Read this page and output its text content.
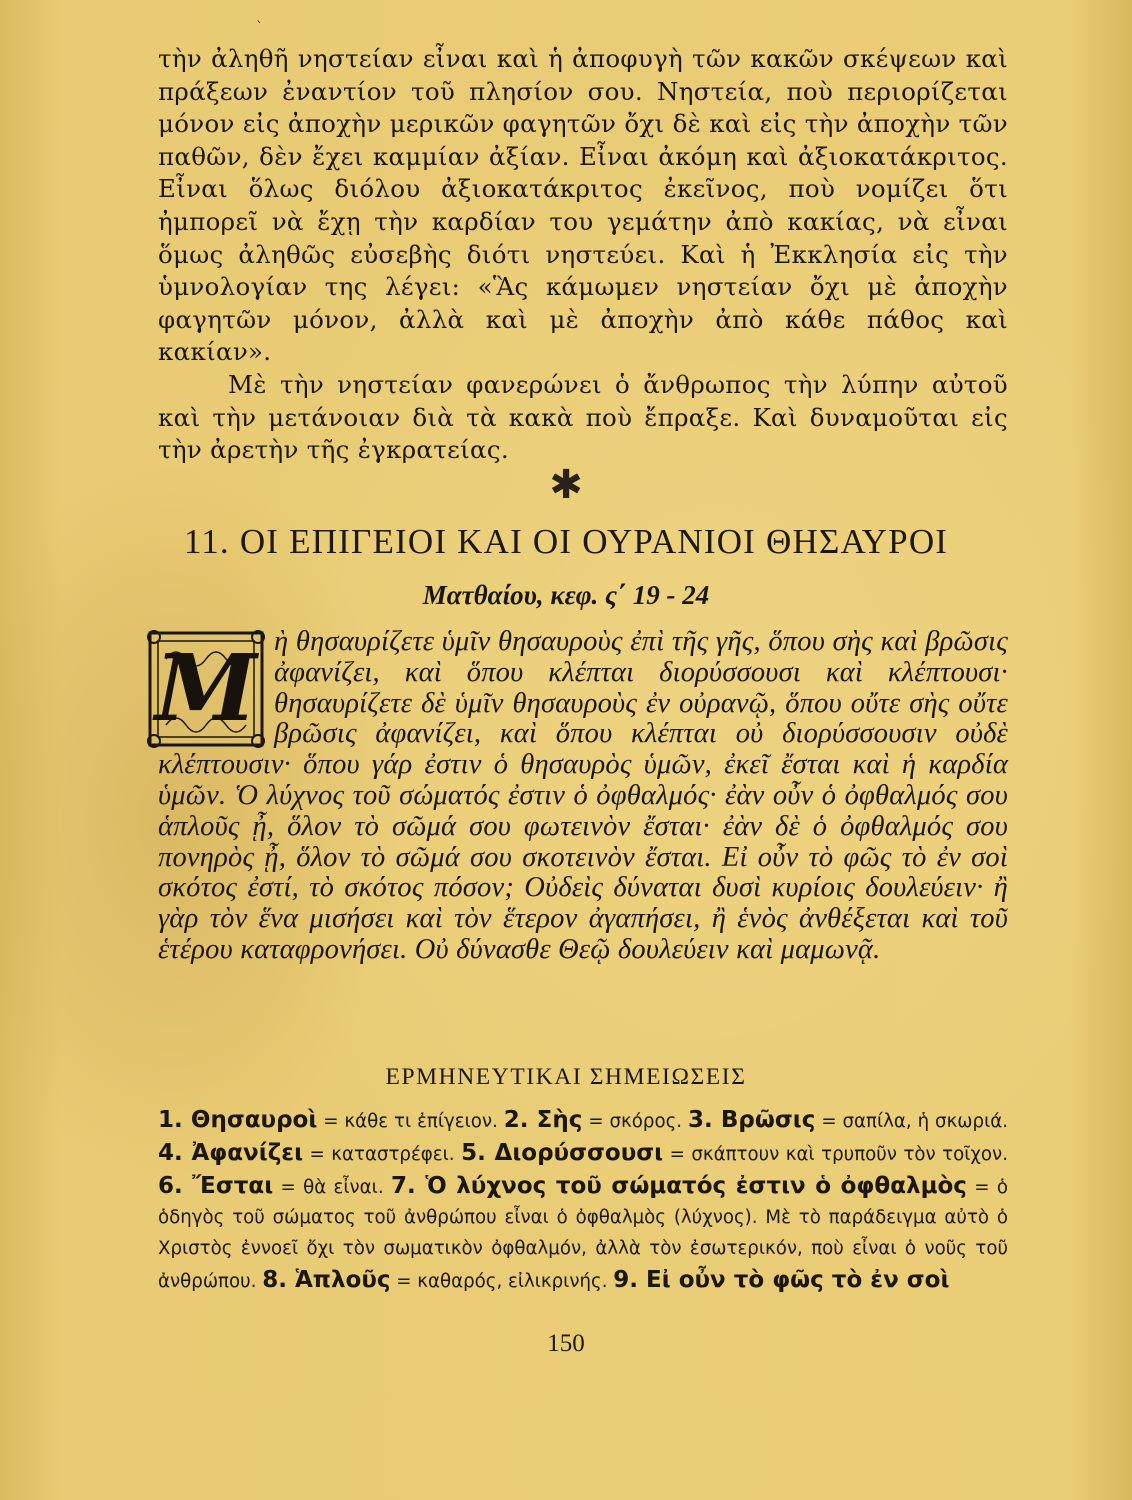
`

τὴν ἀληθῆ νηστείαν εἶναι καὶ ἡ ἀποφυγὴ τῶν κακῶν σκέψεων καὶ πράξεων ἐναντίον τοῦ πλησίον σου. Νηστεία, ποὺ περιορίζεται μόνον εἰς ἀποχὴν μερικῶν φαγητῶν ὄχι δὲ καὶ εἰς τὴν ἀποχὴν τῶν παθῶν, δὲν ἔχει καμμίαν ἀξίαν. Εἶναι ἀκόμη καὶ ἀξιοκατάκριτος. Εἶναι ὅλως διόλου ἀξιοκατάκριτος ἐκεῖνος, ποὺ νομίζει ὅτι ἠμπορεῖ νὰ ἔχῃ τὴν καρδίαν του γεμάτην ἀπὸ κακίας, νὰ εἶναι ὅμως ἀληθῶς εὐσεβὴς διότι νηστεύει. Καὶ ἡ Ἐκκλησία εἰς τὴν ὑμνολογίαν της λέγει: «Ἃς κάμωμεν νηστείαν ὄχι μὲ ἀποχὴν φαγητῶν μόνον, ἀλλὰ καὶ μὲ ἀποχὴν ἀπὸ κάθε πάθος καὶ κακίαν».

Μὲ τὴν νηστείαν φανερώνει ὁ ἄνθρωπος τὴν λύπην αὐτοῦ καὶ τὴν μετάνοιαν διὰ τὰ κακὰ ποὺ ἔπραξε. Καὶ δυναμοῦται εἰς τὴν ἀρετὴν τῆς ἐγκρατείας.

✱
11. ΟΙ ΕΠΙΓΕΙΟΙ ΚΑΙ ΟΙ ΟΥΡΑΝΙΟΙ ΘΗΣΑΥΡΟΙ
Ματθαίου, κεφ. ς΄ 19 - 24
Μ ὴ θησαυρίζετε ὑμῖν θησαυροὺς ἐπὶ τῆς γῆς, ὅπου σὴς καὶ βρῶσις ἀφανίζει, καὶ ὅπου κλέπται διορύσσουσι καὶ κλέπτουσι· θησαυρίζετε δὲ ὑμῖν θησαυροὺς ἐν οὐρανῷ, ὅπου οὔτε σὴς οὔτε βρῶσις ἀφανίζει, καὶ ὅπου κλέπται οὐ διορύσσουσιν οὐδὲ κλέπτουσιν· ὅπου γάρ ἐστιν ὁ θησαυρὸς ὑμῶν, ἐκεῖ ἔσται καὶ ἡ καρδία ὑμῶν. Ὁ λύχνος τοῦ σώματός ἐστιν ὁ ὀφθαλμός· ἐὰν οὖν ὁ ὀφθαλμός σου ἁπλοῦς ᾖ, ὅλον τὸ σῶμά σου φωτεινὸν ἔσται· ἐὰν δὲ ὁ ὀφθαλμός σου πονηρὸς ᾖ, ὅλον τὸ σῶμά σου σκοτεινὸν ἔσται. Εἰ οὖν τὸ φῶς τὸ ἐν σοὶ σκότος ἐστί, τὸ σκότος πόσον; Οὐδεὶς δύναται δυσὶ κυρίοις δουλεύειν· ἢ γὰρ τὸν ἕνα μισήσει καὶ τὸν ἕτερον ἀγαπήσει, ἢ ἑνὸς ἀνθέξεται καὶ τοῦ ἑτέρου καταφρονήσει. Οὐ δύνασθε Θεῷ δουλεύειν καὶ μαμωνᾷ.
ΕΡΜΗΝΕΥΤΙΚΑΙ ΣΗΜΕΙΩΣΕΙΣ
1. Θησαυροὶ = κάθε τι ἐπίγειον. 2. Σὴς = σκόρος. 3. Βρῶσις = σαπίλα, ἡ σκωριά. 4. Ἀφανίζει = καταστρέφει. 5. Διορύσσουσι = σκάπτουν καὶ τρυποῦν τὸν τοῖχον. 6. Ἔσται = θὰ εἶναι. 7. Ὁ λύχνος τοῦ σώματός ἐστιν ὁ ὀφθαλμὸς = ὁ ὁδηγὸς τοῦ σώματος τοῦ ἀνθρώπου εἶναι ὁ ὀφθαλμὸς (λύχνος). Μὲ τὸ παράδειγμα αὐτὸ ὁ Χριστὸς ἐννοεῖ ὄχι τὸν σωματικὸν ὀφθαλμόν, ἀλλὰ τὸν ἐσωτερικόν, ποὺ εἶναι ὁ νοῦς τοῦ ἀνθρώπου. 8. Ἁπλοῦς = καθαρός, εἰλικρινής. 9. Εἰ οὖν τὸ φῶς τὸ ἐν σοὶ
150
